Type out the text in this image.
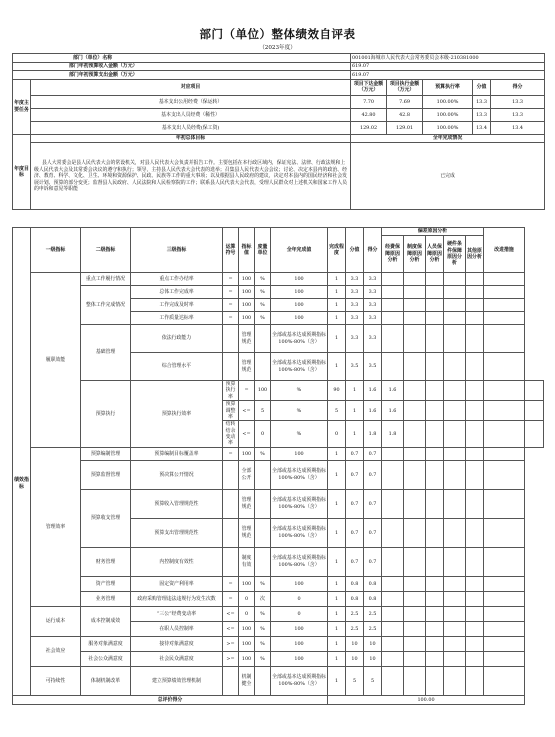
部门（单位）整体绩效自评表
（2023年度）
部门（单位）名称		001001海城市人民代表大会常务委员会本级-210381000				
部门年初预算收入金额（万元）		619.07				
部门年初预算支出金额（万元）		619.07				
年度主要任务	对应项目	项目下达金额（万元）	项目执行金额（万元）	预算执行率	分值	得分
	基本支出公用经费（保运转）	7.70	7.69	100.00%	13.3	13.3
	基本支出人员经费（稀性）	42.80	42.8	100.00%	13.3	13.3
	基本支出人员经费(保工资)	129.02	129.01	100.00%	13.4	13.4
年度目标	年初总体目标	全年完成情况				
	县人大常委会是县人民代表大会的常设机关，对县人民代表大会负责并报告工作。主要包括在本行政区域内，保证宪法、法律、行政法规和上级人民代表大会及其常委会决议的遵守和执行；领导，主持县人民代表大会代表的选举；召集县人民代表大会会议；讨论、决定本县内的政治、经济、教育、科学、文化、卫生、环境和资源保护、民政、民族等工作的重大事项；以及根据县人民政府的建议，决定对本县内的国民经济和社会发展计划、预算的部分变更；监督县人民政府、人民法院和人民检察院的工作；联系县人民代表大会代表，受理人民群众对上述机关和国家工作人员的申诉和意见等职能	已完成				
	一级指标	二级指标	三级指标	运算符号	指标值	度量单位	全年完成值	完成程度	分值	得分	偏差原因分析					改进措施	
											经费保障原因分析	制度保障原因分析	人员保障原因分析	硬件条件保障原因分析	其他原因分析		
绩效指标	履职效能	重点工作履行情况	重点工作办结率	=	100	%	100	1	3.3	3.3							
		整体工作完成情况	总体工作完成率	=	100	%	100	1	3.3	3.3							
			工作完成及时率	=	100	%	100	1	3.3	3.3							
			工作质量达标率	=	100	%	100	1	3.3	3.3							
		基础管理	依法行政能力		管理规范		全部或基本达成预期指标100%-80%（含）	1	3.3	3.3							
			综合管理水平		管理规范		全部或基本达成预期指标100%-80%（含）	1	3.5	3.5							
		预算执行	预算执行效率	预算执行率	=	100	%	90	1	1.6	1.6						
				预算调整率	<=	5	%	5	1	1.6	1.6						
				结转结余变动率	<=	0	%	0	1	1.8	1.8						
	管理效率	预算编制管理	预算编制目标覆盖率	=	100	%	100	1	0.7	0.7							
		预算监督管理	预决算公开情况		全部公开		全部或基本达成预期指标100%-80%（含）	1	0.7	0.7							
		预算收支管理	预算收入管理规范性		管理规范		全部或基本达成预期指标100%-80%（含）	1	0.7	0.7							
			预算支出管理规范性		管理规范		全部或基本达成预期指标100%-80%（含）	1	0.7	0.7							
		财务管理	内控制度有效性		制度有效		全部或基本达成预期指标100%-80%（含）	1	0.7	0.7							
		资产管理	固定资产利用率	=	100	%	100	1	0.8	0.8							
		业务管理	政府采购管理违法违规行为发生次数	=	0	次	0	1	0.8	0.8							
	运行成本	成本控制成效	“三公”经费变动率	<=	0	%	0	1	2.5	2.5							
			在职人员控制率	<=	100	%	100	1	2.5	2.5							
	社会效应	服务对象满意度	接待对象满意度	>=	100	%	100	1	10	10							
		社会公众满意度	社会民众满意度	>=	100	%	100	1	10	10							
	可持续性	体制机制改革	建立预算绩效管理机制		机制健全		全部或基本达成预期指标100%-80%（含）	1	5	5							
总评价得分								100.00									
